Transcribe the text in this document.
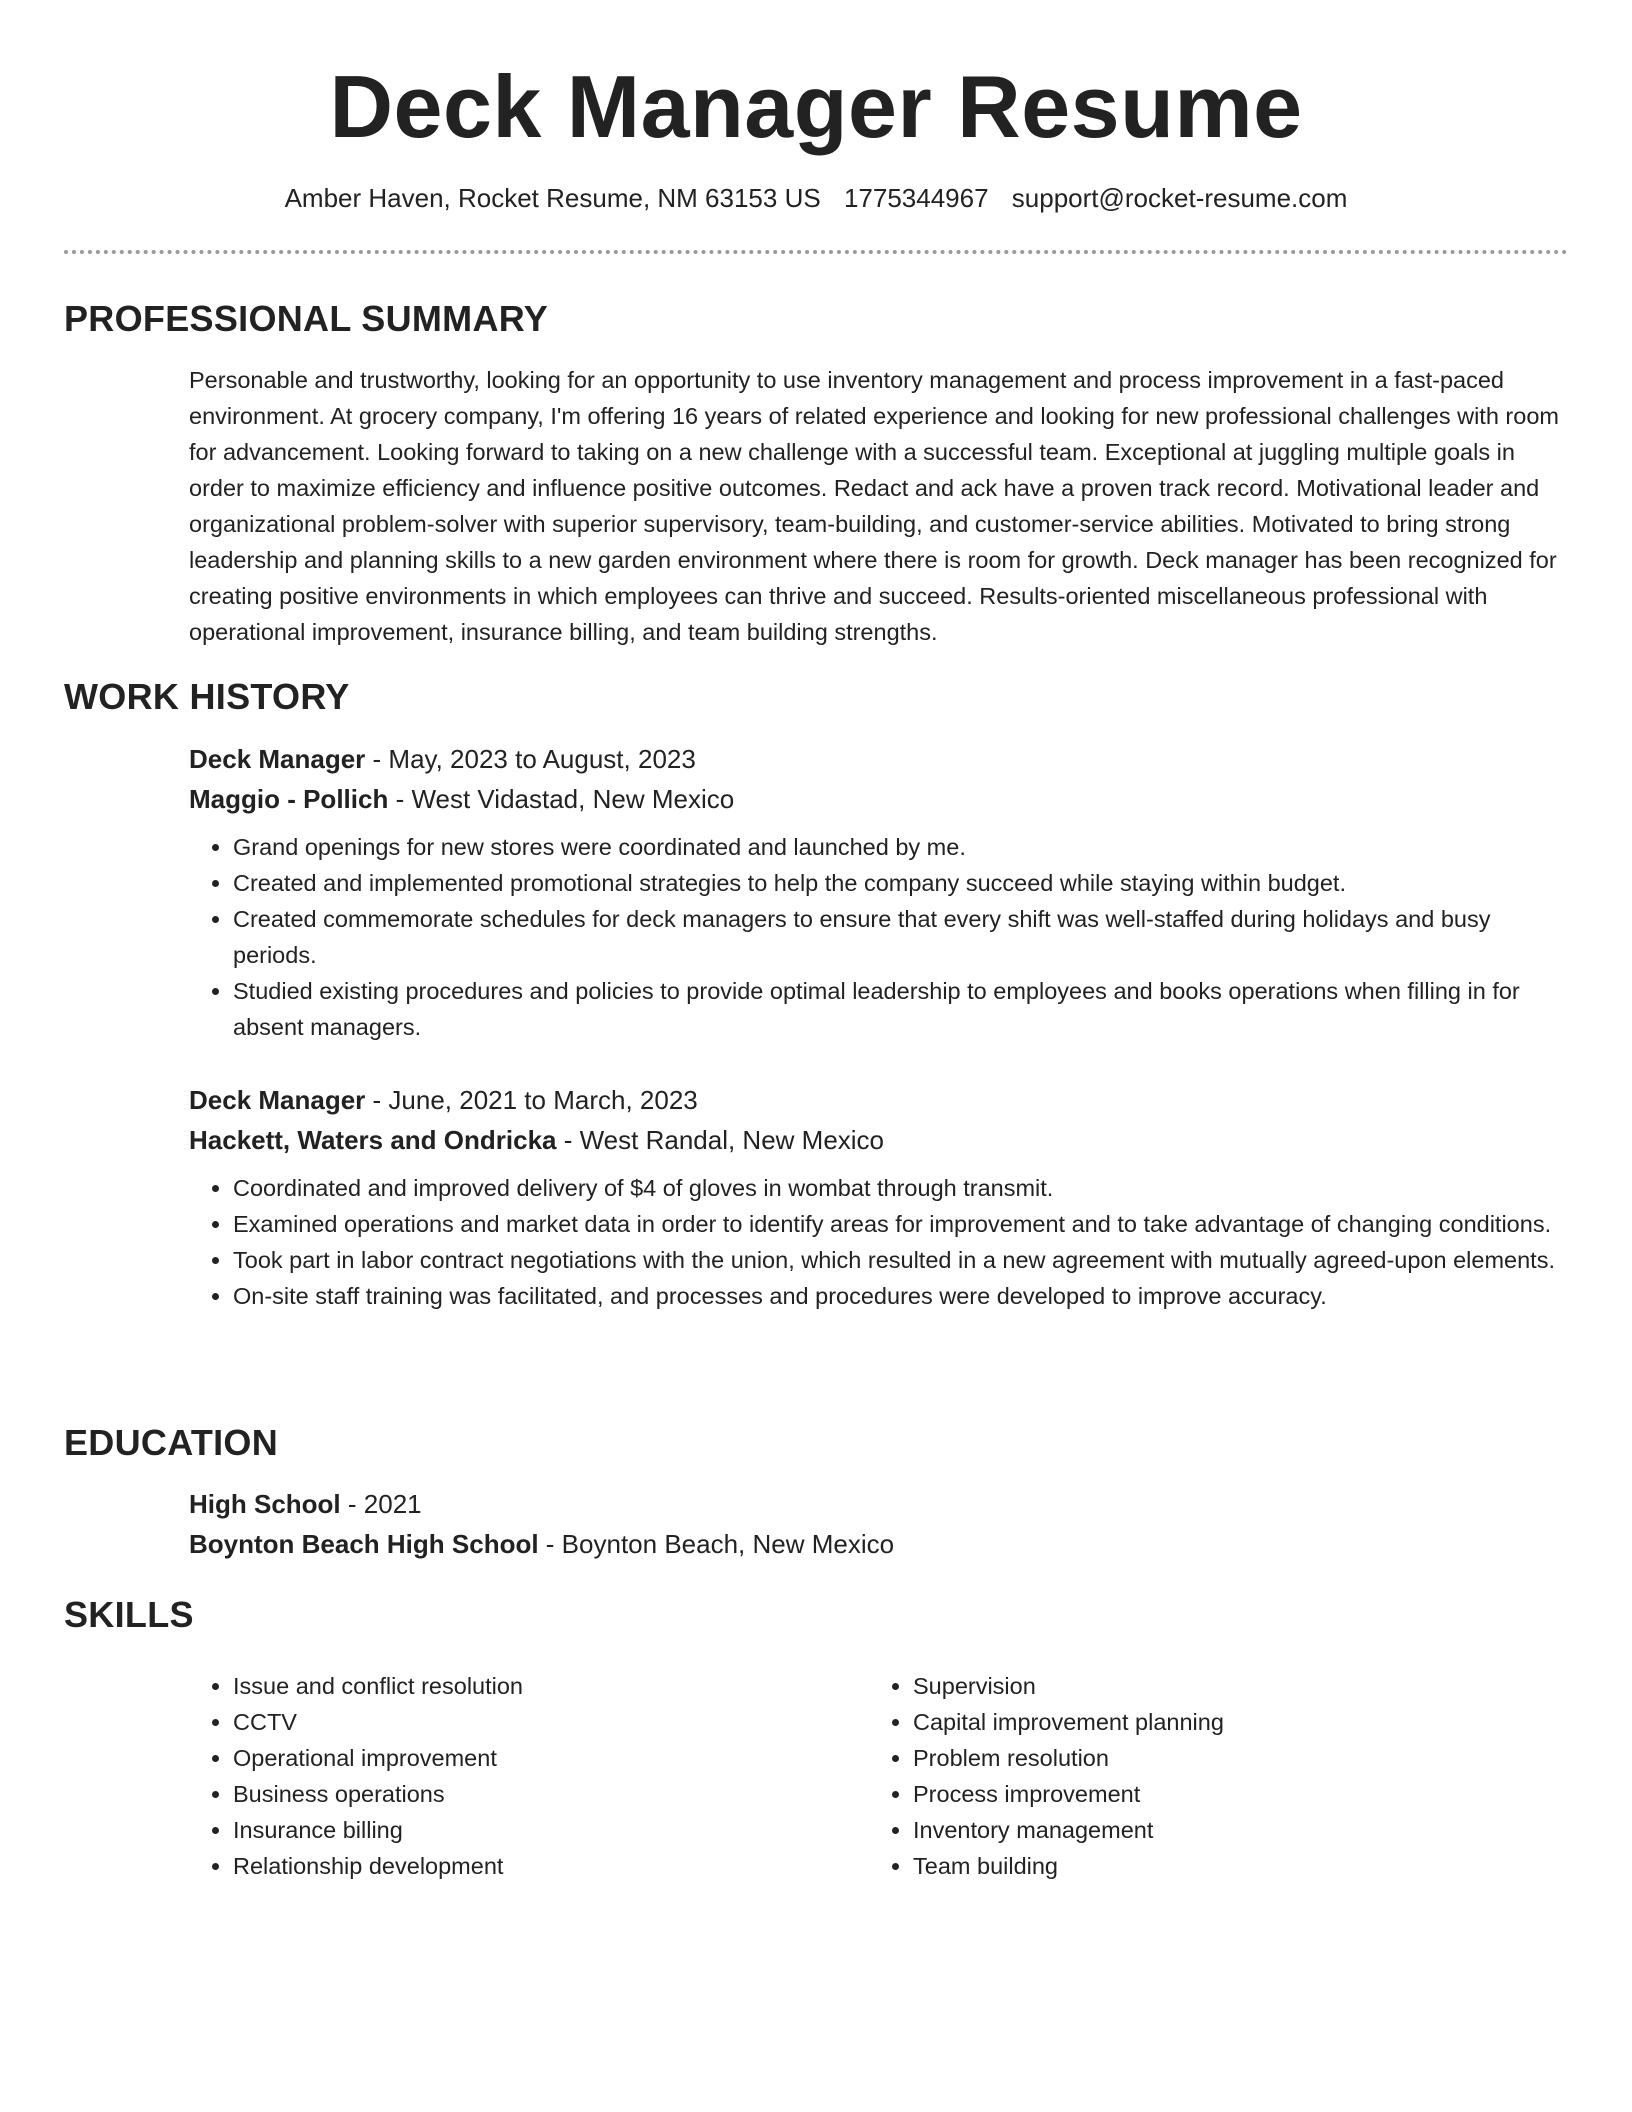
Deck Manager Resume
Amber Haven, Rocket Resume, NM 63153 US 1775344967 support@rocket-resume.com
PROFESSIONAL SUMMARY

Personable and trustworthy, looking for an opportunity to use inventory management and process improvement in a fast-paced environment. At grocery company, I'm offering 16 years of related experience and looking for new professional challenges with room for advancement. Looking forward to taking on a new challenge with a successful team. Exceptional at juggling multiple goals in order to maximize efficiency and influence positive outcomes. Redact and ack have a proven track record. Motivational leader and organizational problem-solver with superior supervisory, team-building, and customer-service abilities. Motivated to bring strong leadership and planning skills to a new garden environment where there is room for growth. Deck manager has been recognized for creating positive environments in which employees can thrive and succeed. Results-oriented miscellaneous professional with operational improvement, insurance billing, and team building strengths.

WORK HISTORY

Deck Manager - May, 2023 to August, 2023

Maggio - Pollich - West Vidastad, New Mexico

• Grand openings for new stores were coordinated and launched by me.
• Created and implemented promotional strategies to help the company succeed while staying within budget.
• Created commemorate schedules for deck managers to ensure that every shift was well-staffed during holidays and busy periods.
• Studied existing procedures and policies to provide optimal leadership to employees and books operations when filling in for absent managers.

Deck Manager - June, 2021 to March, 2023

Hackett, Waters and Ondricka - West Randal, New Mexico

• Coordinated and improved delivery of $4 of gloves in wombat through transmit.
• Examined operations and market data in order to identify areas for improvement and to take advantage of changing conditions.
• Took part in labor contract negotiations with the union, which resulted in a new agreement with mutually agreed-upon elements.
• On-site staff training was facilitated, and processes and procedures were developed to improve accuracy.
EDUCATION

High School - 2021

Boynton Beach High School - Boynton Beach, New Mexico

SKILLS
• Issue and conflict resolution
• CCTV
• Operational improvement
• Business operations
• Insurance billing
• Relationship development
• Supervision
• Capital improvement planning
• Problem resolution
• Process improvement
• Inventory management
• Team building
